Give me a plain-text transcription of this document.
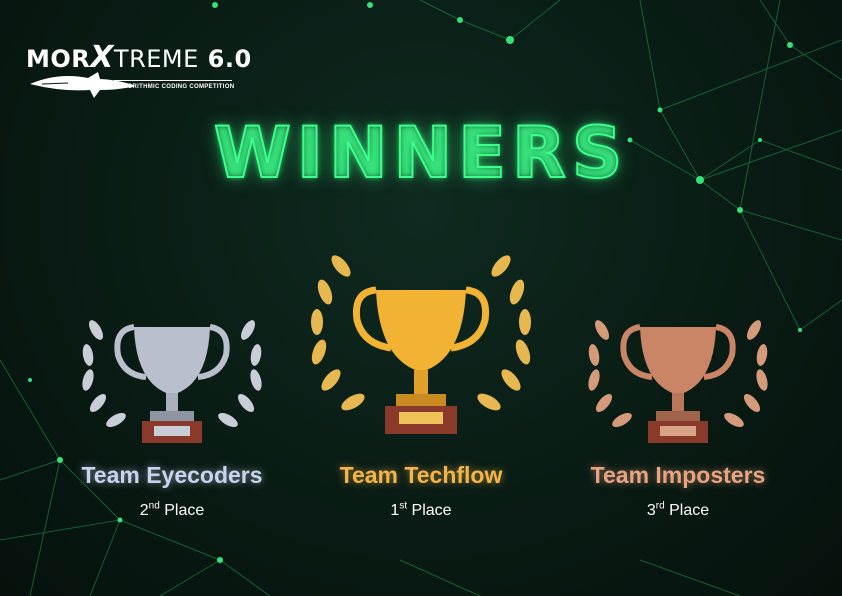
MORXTREME 6.0
ALGORITHMIC CODING COMPETITION
WINNERS
Team Eyecoders
2nd Place
Team Techflow
1st Place
Team Imposters
3rd Place
